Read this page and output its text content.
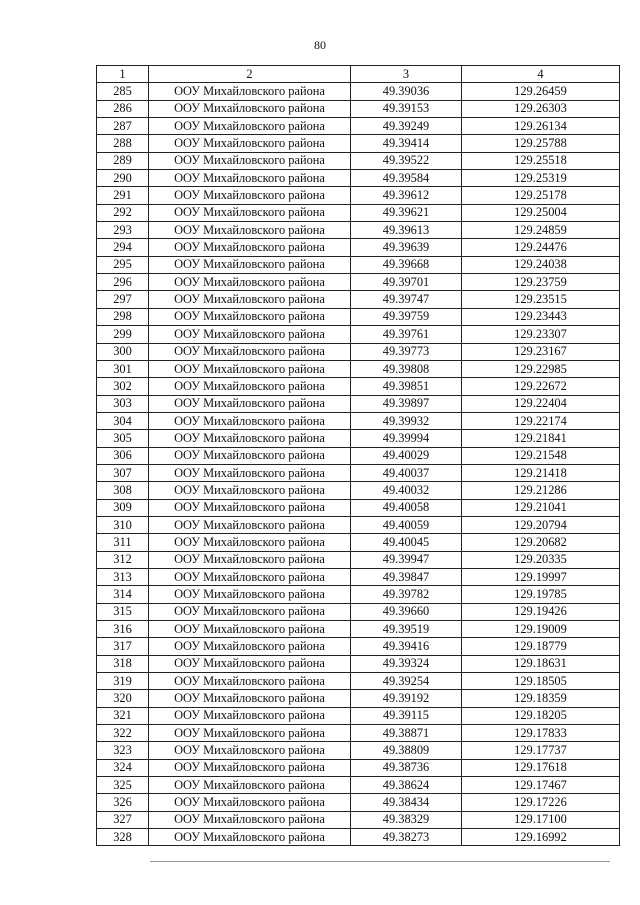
80
1	2	3	4
285	ООУ Михайловского района	49.39036	129.26459
286	ООУ Михайловского района	49.39153	129.26303
287	ООУ Михайловского района	49.39249	129.26134
288	ООУ Михайловского района	49.39414	129.25788
289	ООУ Михайловского района	49.39522	129.25518
290	ООУ Михайловского района	49.39584	129.25319
291	ООУ Михайловского района	49.39612	129.25178
292	ООУ Михайловского района	49.39621	129.25004
293	ООУ Михайловского района	49.39613	129.24859
294	ООУ Михайловского района	49.39639	129.24476
295	ООУ Михайловского района	49.39668	129.24038
296	ООУ Михайловского района	49.39701	129.23759
297	ООУ Михайловского района	49.39747	129.23515
298	ООУ Михайловского района	49.39759	129.23443
299	ООУ Михайловского района	49.39761	129.23307
300	ООУ Михайловского района	49.39773	129.23167
301	ООУ Михайловского района	49.39808	129.22985
302	ООУ Михайловского района	49.39851	129.22672
303	ООУ Михайловского района	49.39897	129.22404
304	ООУ Михайловского района	49.39932	129.22174
305	ООУ Михайловского района	49.39994	129.21841
306	ООУ Михайловского района	49.40029	129.21548
307	ООУ Михайловского района	49.40037	129.21418
308	ООУ Михайловского района	49.40032	129.21286
309	ООУ Михайловского района	49.40058	129.21041
310	ООУ Михайловского района	49.40059	129.20794
311	ООУ Михайловского района	49.40045	129.20682
312	ООУ Михайловского района	49.39947	129.20335
313	ООУ Михайловского района	49.39847	129.19997
314	ООУ Михайловского района	49.39782	129.19785
315	ООУ Михайловского района	49.39660	129.19426
316	ООУ Михайловского района	49.39519	129.19009
317	ООУ Михайловского района	49.39416	129.18779
318	ООУ Михайловского района	49.39324	129.18631
319	ООУ Михайловского района	49.39254	129.18505
320	ООУ Михайловского района	49.39192	129.18359
321	ООУ Михайловского района	49.39115	129.18205
322	ООУ Михайловского района	49.38871	129.17833
323	ООУ Михайловского района	49.38809	129.17737
324	ООУ Михайловского района	49.38736	129.17618
325	ООУ Михайловского района	49.38624	129.17467
326	ООУ Михайловского района	49.38434	129.17226
327	ООУ Михайловского района	49.38329	129.17100
328	ООУ Михайловского района	49.38273	129.16992
